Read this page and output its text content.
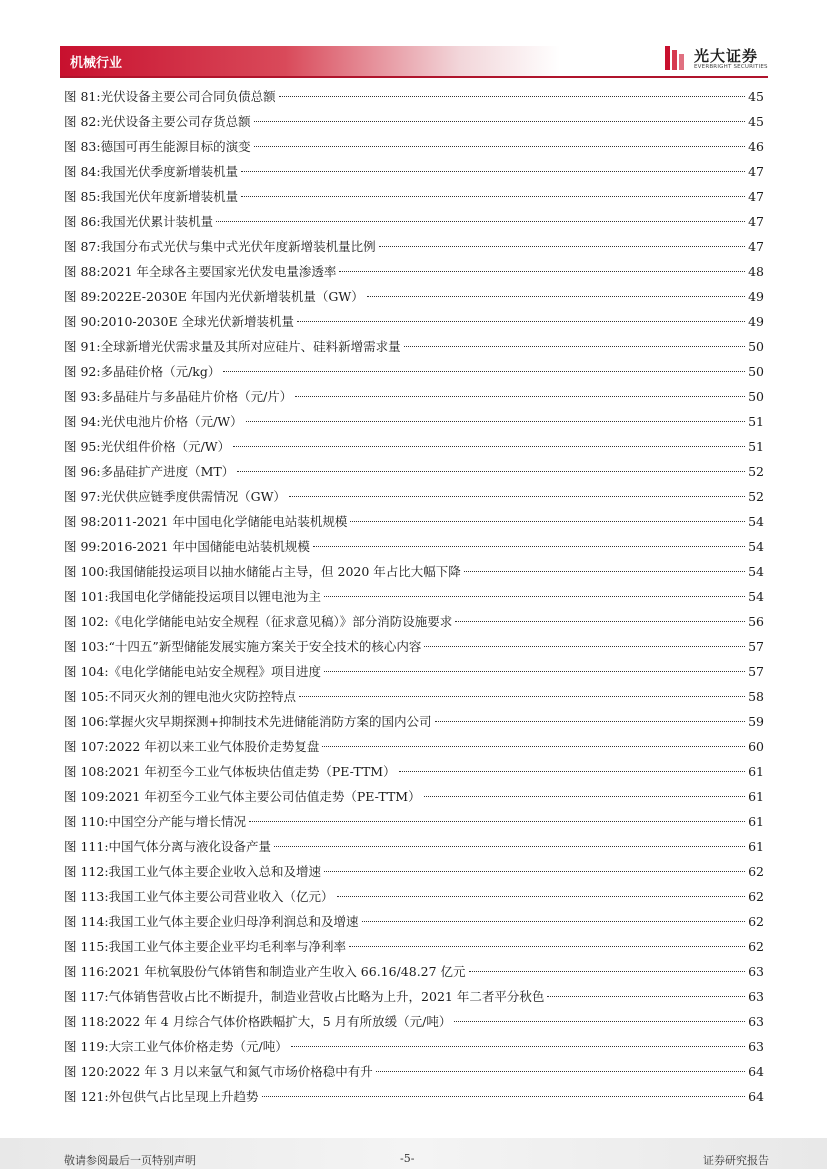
机械行业	光大证券
EVERBRIGHT SECURITIES
图 81: 光伏设备主要公司合同负债总额	45
图 82: 光伏设备主要公司存货总额	45
图 83: 德国可再生能源目标的演变	46
图 84: 我国光伏季度新增装机量	47
图 85: 我国光伏年度新增装机量	47
图 86: 我国光伏累计装机量	47
图 87: 我国分布式光伏与集中式光伏年度新增装机量比例	47
图 88: 2021 年全球各主要国家光伏发电量渗透率	48
图 89: 2022E-2030E 年国内光伏新增装机量（GW）	49
图 90: 2010-2030E 全球光伏新增装机量	49
图 91: 全球新增光伏需求量及其所对应硅片、硅料新增需求量	50
图 92: 多晶硅价格（元/kg）	50
图 93: 多晶硅片与多晶硅片价格（元/片）	50
图 94: 光伏电池片价格（元/W）	51
图 95: 光伏组件价格（元/W）	51
图 96: 多晶硅扩产进度（MT）	52
图 97: 光伏供应链季度供需情况（GW）	52
图 98: 2011-2021 年中国电化学储能电站装机规模	54
图 99: 2016-2021 年中国储能电站装机规模	54
图 100: 我国储能投运项目以抽水储能占主导，但 2020 年占比大幅下降	54
图 101: 我国电化学储能投运项目以锂电池为主	54
图 102: 《电化学储能电站安全规程（征求意见稿）》部分消防设施要求	56
图 103: “十四五”新型储能发展实施方案关于安全技术的核心内容	57
图 104: 《电化学储能电站安全规程》项目进度	57
图 105: 不同灭火剂的锂电池火灾防控特点	58
图 106: 掌握火灾早期探测+抑制技术先进储能消防方案的国内公司	59
图 107: 2022 年初以来工业气体股价走势复盘	60
图 108: 2021 年初至今工业气体板块估值走势（PE-TTM）	61
图 109: 2021 年初至今工业气体主要公司估值走势（PE-TTM）	61
图 110: 中国空分产能与增长情况	61
图 111: 中国气体分离与液化设备产量	61
图 112: 我国工业气体主要企业收入总和及增速	62
图 113: 我国工业气体主要公司营业收入（亿元）	62
图 114: 我国工业气体主要企业归母净利润总和及增速	62
图 115: 我国工业气体主要企业平均毛利率与净利率	62
图 116: 2021 年杭氧股份气体销售和制造业产生收入 66.16/48.27 亿元	63
图 117: 气体销售营收占比不断提升，制造业营收占比略为上升，2021 年二者平分秋色	63
图 118: 2022 年 4 月综合气体价格跌幅扩大，5 月有所放缓（元/吨）	63
图 119: 大宗工业气体价格走势（元/吨）	63
图 120: 2022 年 3 月以来氩气和氮气市场价格稳中有升	64
图 121: 外包供气占比呈现上升趋势	64
敬请参阅最后一页特别声明	-5-	证券研究报告
